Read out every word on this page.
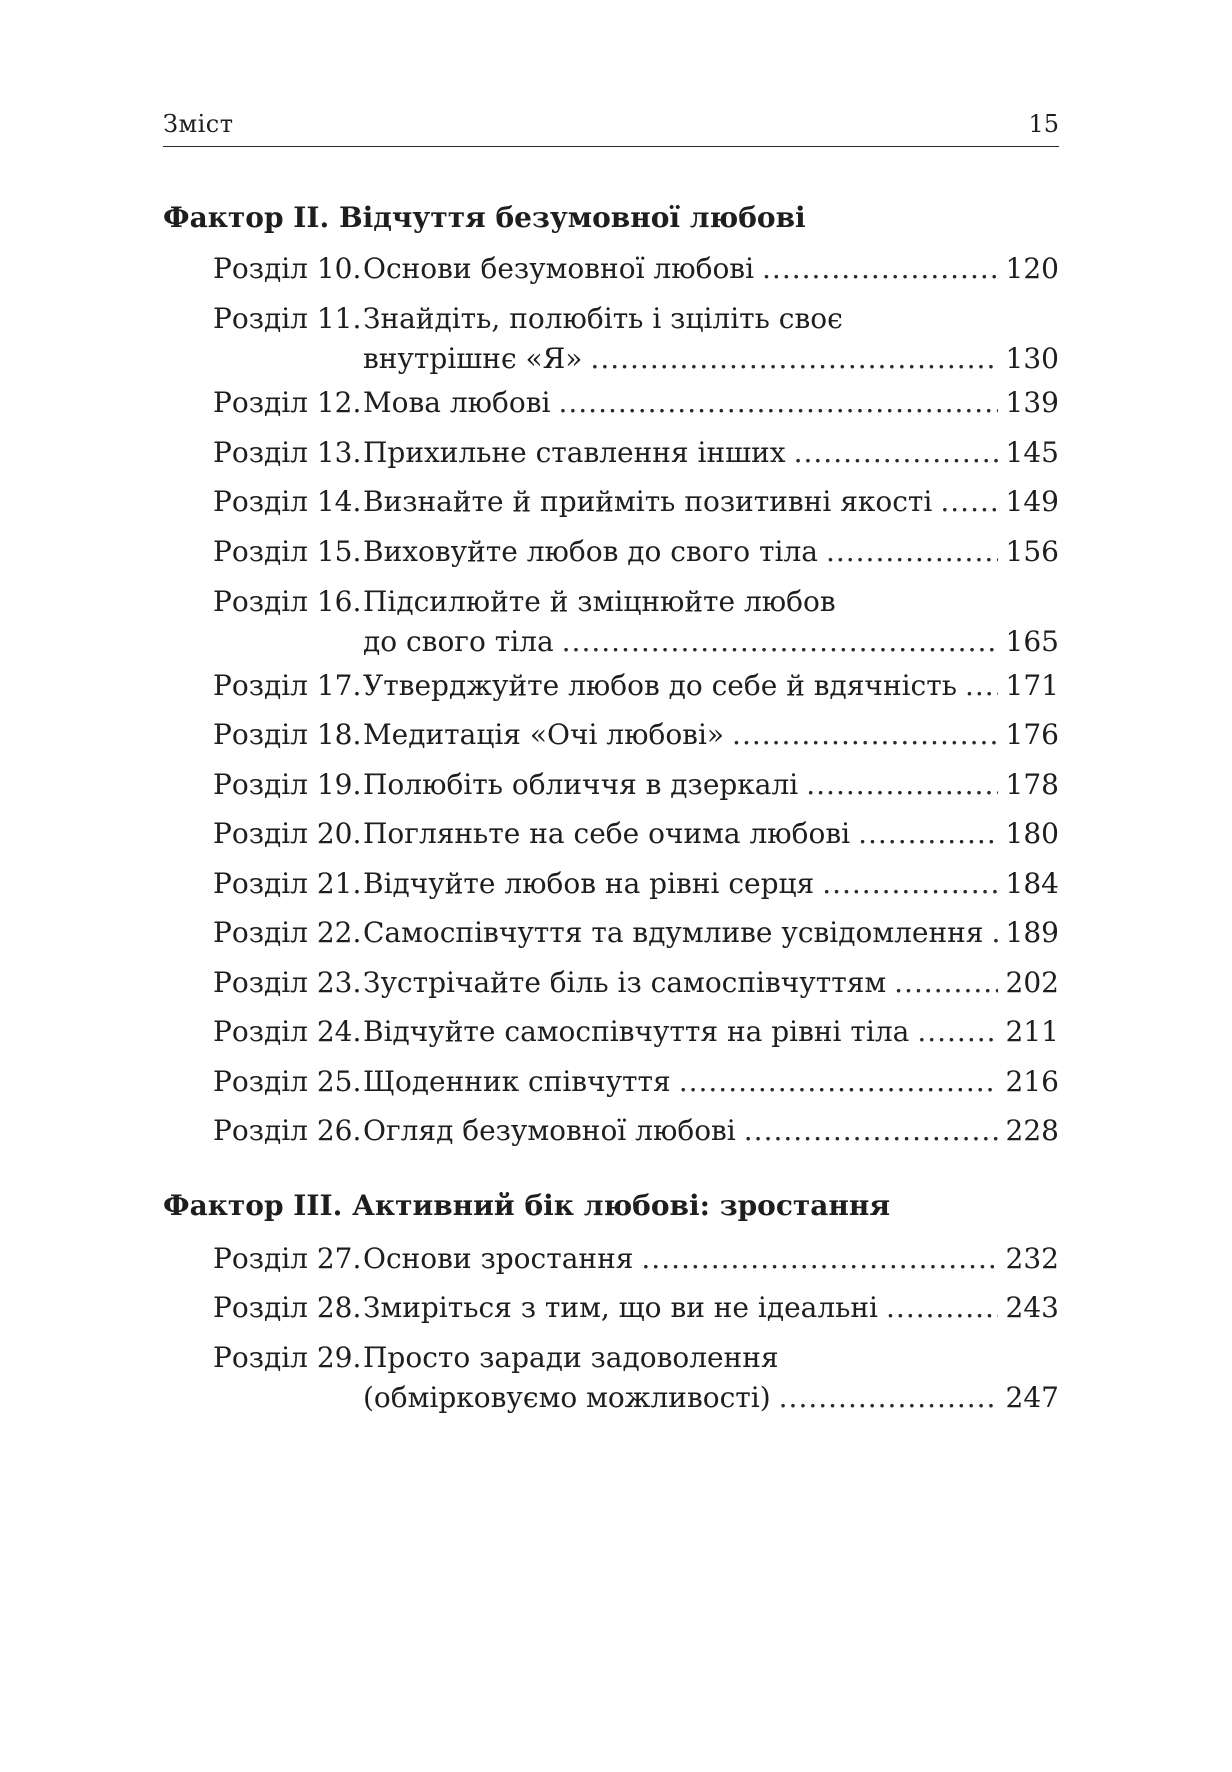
Зміст	15
Фактор II. Відчуття безумовної любові
Розділ 10. Основи безумовної любові .....	120
Розділ 11. Знайдіть, полюбіть і зцiліть своє
внутрішнє «Я» .....	130
Розділ 12. Мова любові .....	139
Розділ 13. Прихильне ставлення інших .....	145
Розділ 14. Визнайте й прийміть позитивні якості .....	149
Розділ 15. Виховуйте любов до свого тіла .....	156
Розділ 16. Підсилюйте й зміцнюйте любов
до свого тіла .....	165
Розділ 17. Утверджуйте любов до себе й вдячність ..... 171
Розділ 18. Медитація «Очі любові» .....	176
Розділ 19. Полюбіть обличчя в дзеркалі .....	178
Розділ 20. Погляньте на себе очима любові .....	180
Розділ 21. Відчуйте любов на рівні серця .....	184
Розділ 22. Самоспівчуття та вдумливе усвідомлення ..... 189
Розділ 23. Зустрічайте біль із самоспівчуттям .....	202
Розділ 24. Відчуйте самоспівчуття на рівні тіла .....	211
Розділ 25. Щоденник співчуття .....	216
Розділ 26. Огляд безумовної любові .....	228
Фактор III. Активний бік любові: зростання
Розділ 27. Основи зростання .....	232
Розділ 28. Змиріться з тим, що ви не ідеальні .....	243
Розділ 29. Просто заради задоволення
(обмірковуємо можливості) .....	247
